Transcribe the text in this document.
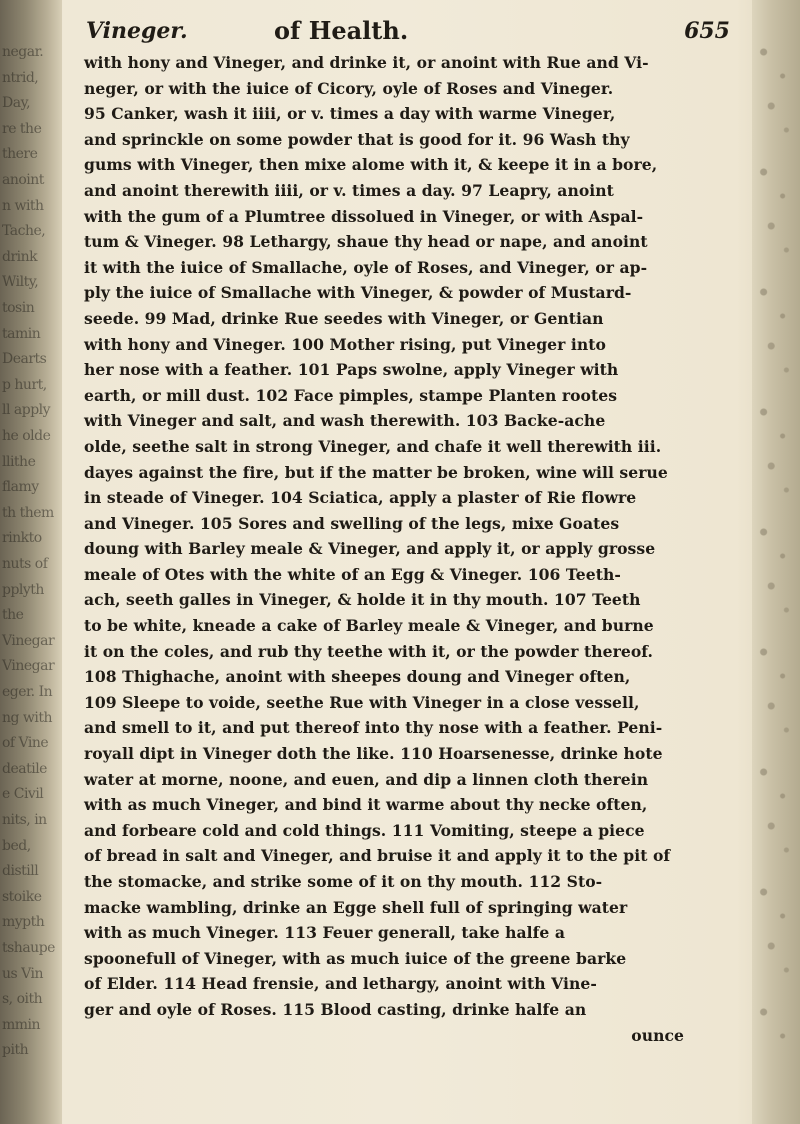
negar.
ntrid,
Day,
re the
there
anoint
n with
Tache,
drink
Wilty,
tosin
tamin
Dearts
p hurt,
ll apply
he olde
llithe
flamy
th them
rinkto
nuts of
pplyth
the
Vinegar
Vinegar
eger. In
ng with
of Vine
deatile
e Civil
nits, in
bed,
distill
stoike
mypth
tshaupe
us Vin
s, oith
mmin
pith
Vineger.	of Health.	655
with hony and Vineger, and drinke it, or anoint with Rue and Vi-
neger, or with the iuice of Cicory, oyle of Roses and Vineger.
95 Canker, wash it iiii, or v. times a day with warme Vineger,
and sprinckle on some powder that is good for it. 96 Wash thy
gums with Vineger, then mixe alome with it, & keepe it in a bore,
and anoint therewith iiii, or v. times a day. 97 Leapry, anoint
with the gum of a Plumtree dissolued in Vineger, or with Aspal-
tum & Vineger. 98 Lethargy, shaue thy head or nape, and anoint
it with the iuice of Smallache, oyle of Roses, and Vineger, or ap-
ply the iuice of Smallache with Vineger, & powder of Mustard-
seede. 99 Mad, drinke Rue seedes with Vineger, or Gentian
with hony and Vineger. 100 Mother rising, put Vineger into
her nose with a feather. 101 Paps swolne, apply Vineger with
earth, or mill dust. 102 Face pimples, stampe Planten rootes
with Vineger and salt, and wash therewith. 103 Backe-ache
olde, seethe salt in strong Vineger, and chafe it well therewith iii.
dayes against the fire, but if the matter be broken, wine will serue
in steade of Vineger. 104 Sciatica, apply a plaster of Rie flowre
and Vineger. 105 Sores and swelling of the legs, mixe Goates
doung with Barley meale & Vineger, and apply it, or apply grosse
meale of Otes with the white of an Egg & Vineger. 106 Teeth-
ach, seeth galles in Vineger, & holde it in thy mouth. 107 Teeth
to be white, kneade a cake of Barley meale & Vineger, and burne
it on the coles, and rub thy teethe with it, or the powder thereof.
108 Thighache, anoint with sheepes doung and Vineger often,
109 Sleepe to voide, seethe Rue with Vineger in a close vessell,
and smell to it, and put thereof into thy nose with a feather. Peni-
royall dipt in Vineger doth the like. 110 Hoarsenesse, drinke hote
water at morne, noone, and euen, and dip a linnen cloth therein
with as much Vineger, and bind it warme about thy necke often,
and forbeare cold and cold things. 111 Vomiting, steepe a piece
of bread in salt and Vineger, and bruise it and apply it to the pit of
the stomacke, and strike some of it on thy mouth. 112 Sto-
macke wambling, drinke an Egge shell full of springing water
with as much Vineger. 113 Feuer generall, take halfe a
spoonefull of Vineger, with as much iuice of the greene barke
of Elder. 114 Head frensie, and lethargy, anoint with Vine-
ger and oyle of Roses. 115 Blood casting, drinke halfe an
ounce
